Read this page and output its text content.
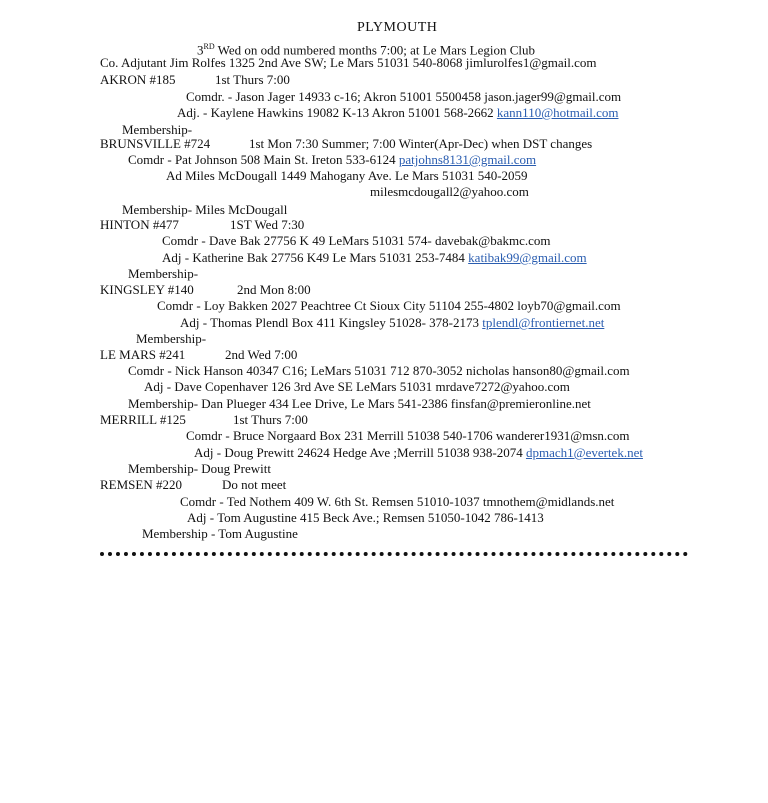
PLYMOUTH
3RD Wed on odd numbered months 7:00; at Le Mars Legion Club
Co. Adjutant Jim Rolfes 1325 2nd Ave SW; Le Mars 51031 540-8068 jimlurolfes1@gmail.com
AKRON #185	1st Thurs 7:00
Comdr. - Jason Jager 14933 c-16; Akron 51001 5500458 jason.jager99@gmail.com
Adj. - Kaylene Hawkins 19082 K-13 Akron 51001 568-2662 kann110@hotmail.com
Membership-
BRUNSVILLE #724	1st Mon 7:30 Summer; 7:00 Winter(Apr-Dec) when DST changes
Comdr - Pat Johnson 508 Main St. Ireton 533-6124 patjohns8131@gmail.com
Ad Miles McDougall 1449 Mahogany Ave. Le Mars 51031 540-2059
milesmcdougall2@yahoo.com
Membership- Miles McDougall
HINTON #477	1ST Wed 7:30
Comdr - Dave Bak 27756 K 49 LeMars 51031 574- davebak@bakmc.com
Adj - Katherine Bak 27756 K49 Le Mars 51031 253-7484 katibak99@gmail.com
Membership-
KINGSLEY #140	2nd Mon 8:00
Comdr - Loy Bakken 2027 Peachtree Ct Sioux City 51104 255-4802 loyb70@gmail.com
Adj - Thomas Plendl Box 411 Kingsley 51028- 378-2173 tplendl@frontiernet.net
Membership-
LE MARS #241	2nd Wed 7:00
Comdr - Nick Hanson 40347 C16; LeMars 51031 712 870-3052 nicholas hanson80@gmail.com
Adj - Dave Copenhaver 126 3rd Ave SE LeMars 51031 mrdave7272@yahoo.com
Membership- Dan Plueger 434 Lee Drive, Le Mars 541-2386 finsfan@premieronline.net
MERRILL #125	1st Thurs 7:00
Comdr - Bruce Norgaard Box 231 Merrill 51038 540-1706 wanderer1931@msn.com
Adj - Doug Prewitt 24624 Hedge Ave ;Merrill 51038 938-2074 dpmach1@evertek.net
Membership- Doug Prewitt
REMSEN #220	Do not meet
Comdr - Ted Nothem 409 W. 6th St. Remsen 51010-1037 tmnothem@midlands.net
Adj - Tom Augustine 415 Beck Ave.; Remsen 51050-1042 786-1413
Membership - Tom Augustine
